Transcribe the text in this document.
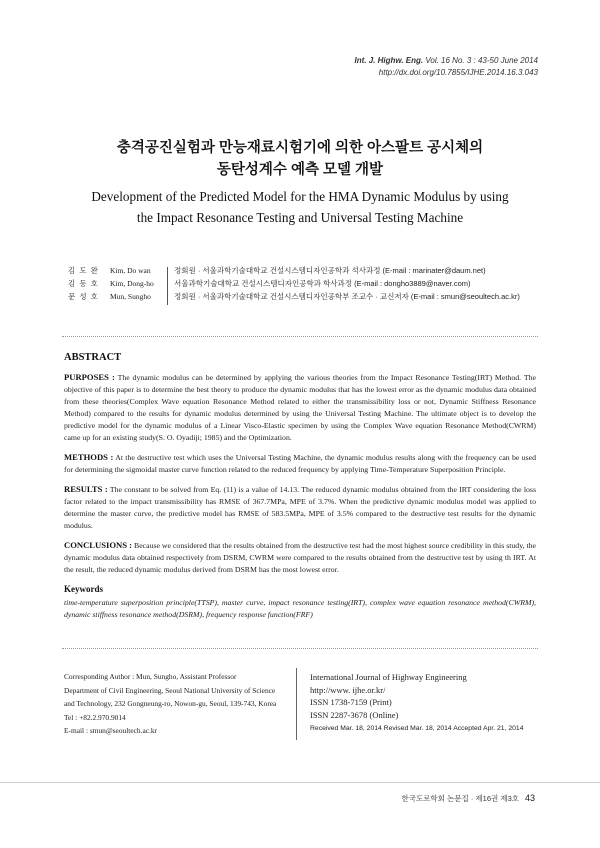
Int. J. Highw. Eng. Vol. 16 No. 3 : 43-50 June 2014
http://dx.doi.org/10.7855/IJHE.2014.16.3.043
충격공진실험과 만능재료시험기에 의한 아스팔트 공시체의
동탄성계수 예측 모델 개발
Development of the Predicted Model for the HMA Dynamic Modulus by using
the Impact Resonance Testing and Universal Testing Machine
김 도 완	Kim, Do wan	정회원 · 서울과학기술대학교 건설시스템디자인공학과 석사과정 (E-mail : marinater@daum.net)
김 동 호	Kim, Dong-ho	서울과학기술대학교 건설시스템디자인공학과 학사과정 (E-mail : dongho3889@naver.com)
문 성 호	Mun, Sungho	정회원 · 서울과학기술대학교 건설시스템디자인공학부 조교수 · 교신저자 (E-mail : smun@seoultech.ac.kr)
ABSTRACT

PURPOSES : The dynamic modulus can be determined by applying the various theories from the Impact Resonance Testing(IRT) Method. The objective of this paper is to determine the best theory to produce the dynamic modulus that has the lowest error as the dynamic modulus data obtained from these theories(Complex Wave equation Resonance Method related to either the transmissibility loss or not, Dynamic Stiffness Resonance Method) compared to the results for dynamic modulus determined by using the Universal Testing Machine. The ultimate object is to develop the predictive model for the dynamic modulus of a Linear Visco-Elastic specimen by using the Complex Wave equation Resonance Method(CWRM) came up for an existing study(S. O. Oyadiji; 1985) and the Optimization.

METHODS : At the destructive test which uses the Universal Testing Machine, the dynamic modulus results along with the frequency can be used for determining the sigmoidal master curve function related to the reduced frequency by applying Time-Temperature Superposition Principle.

RESULTS : The constant to be solved from Eq. (11) is a value of 14.13. The reduced dynamic modulus obtained from the IRT considering the loss factor related to the impact transmissibility has RMSE of 367.7MPa, MPE of 3.7%. When the predictive dynamic modulus model was applied to determine the master curve, the predictive model has RMSE of 583.5MPa, MPE of 3.5% compared to the destructive test results for the dynamic modulus.

CONCLUSIONS : Because we considered that the results obtained from the destructive test had the most highest source credibility in this study, the dynamic modulus data obtained respectively from DSRM, CWRM were compared to the results obtained from the destructive test by using th IRT. At the result, the reduced dynamic modulus derived from DSRM has the most lowest error.

Keywords
time-temperature superposition principle(TTSP), master curve, impact resonance testing(IRT), complex wave equation resonance method(CWRM), dynamic stiffness resonance method(DSRM), frequency response function(FRF)
Corresponding Author : Mun, Sungho, Assistant Professor
Department of Civil Engineering, Seoul National University of Science
and Technology, 232 Gongneung-ro, Nowon-gu, Seoul, 139-743, Korea
Tel : +82.2.970.9014
E-mail : smun@seoultech.ac.kr
International Journal of Highway Engineering
http://www. ijhe.or.kr/
ISSN 1738-7159 (Print)
ISSN 2287-3678 (Online)
Received Mar. 18, 2014 Revised Mar. 18, 2014 Accepted Apr. 21, 2014
한국도로학회 논문집 · 제16권 제3호 43
